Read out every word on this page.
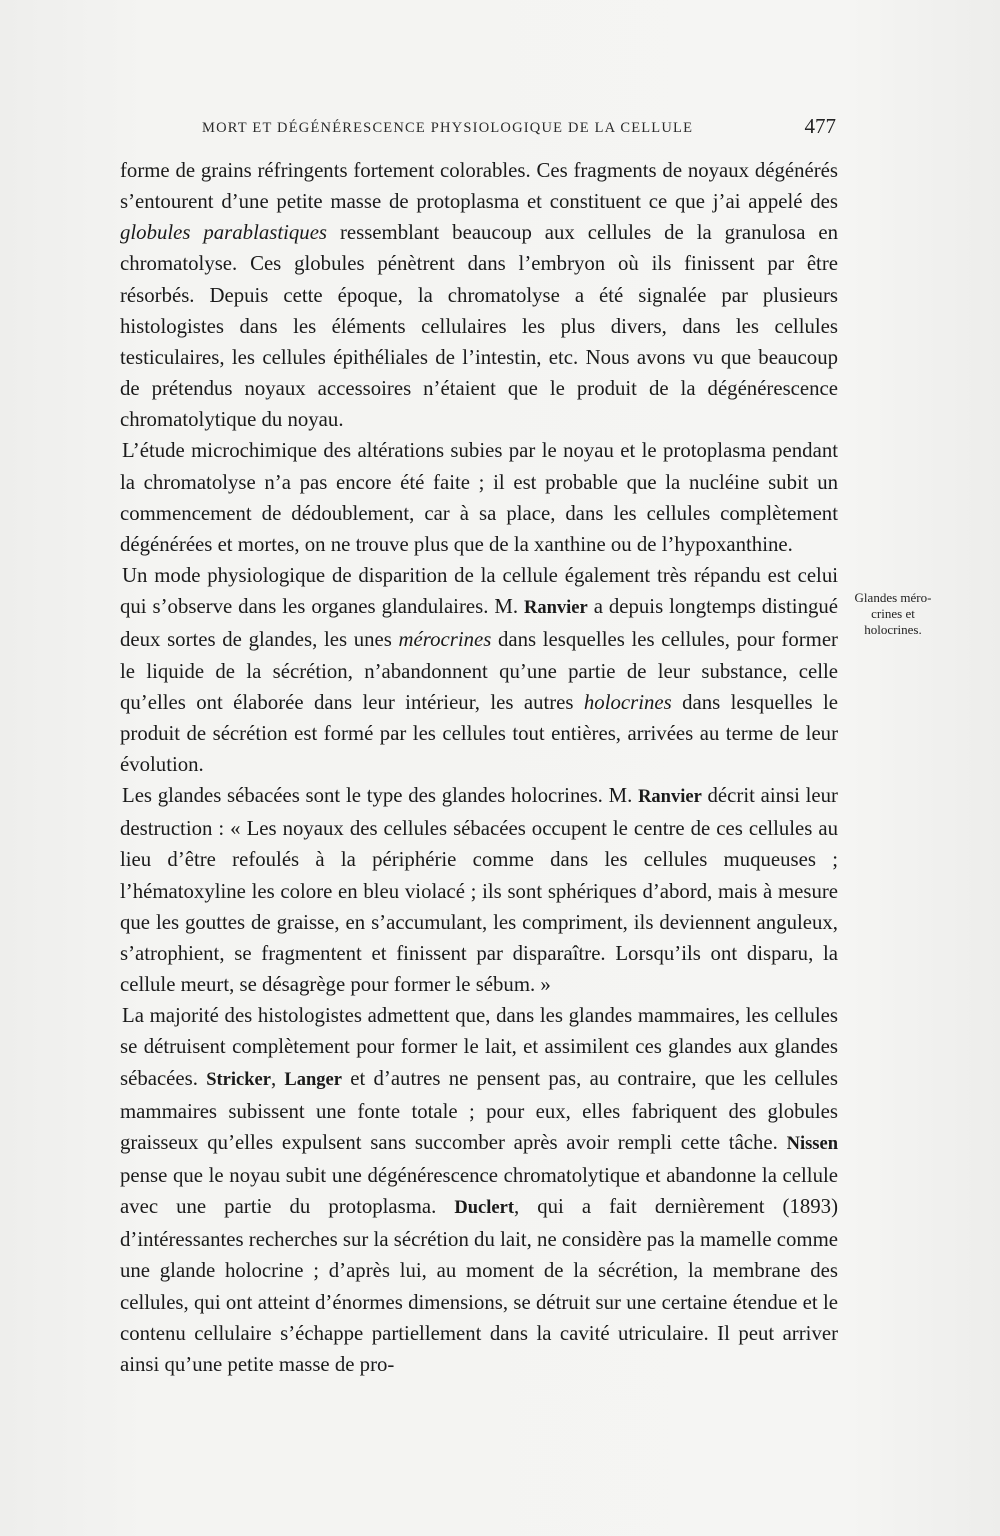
MORT ET DÉGÉNÉRESCENCE PHYSIOLOGIQUE DE LA CELLULE	477

forme de grains réfringents fortement colorables. Ces fragments de noyaux dégénérés s’entourent d’une petite masse de protoplasma et constituent ce que j’ai appelé des globules parablastiques ressemblant beaucoup aux cellules de la granulosa en chromatolyse. Ces globules pénètrent dans l’embryon où ils finissent par être résorbés. Depuis cette époque, la chromatolyse a été signalée par plusieurs histologistes dans les éléments cellulaires les plus divers, dans les cellules testiculaires, les cellules épithéliales de l’intestin, etc. Nous avons vu que beaucoup de prétendus noyaux accessoires n’étaient que le produit de la dégénérescence chromatolytique du noyau.

L’étude microchimique des altérations subies par le noyau et le protoplasma pendant la chromatolyse n’a pas encore été faite ; il est probable que la nucléine subit un commencement de dédoublement, car à sa place, dans les cellules complètement dégénérées et mortes, on ne trouve plus que de la xanthine ou de l’hypoxanthine.

Un mode physiologique de disparition de la cellule également très répandu est celui qui s’observe dans les organes glandulaires. M. Ranvier a depuis longtemps distingué deux sortes de glandes, les unes mérocrines dans lesquelles les cellules, pour former le liquide de la sécrétion, n’abandonnent qu’une partie de leur substance, celle qu’elles ont élaborée dans leur intérieur, les autres holocrines dans lesquelles le produit de sécrétion est formé par les cellules tout entières, arrivées au terme de leur évolution.

Les glandes sébacées sont le type des glandes holocrines. M. Ranvier décrit ainsi leur destruction : « Les noyaux des cellules sébacées occupent le centre de ces cellules au lieu d’être refoulés à la périphérie comme dans les cellules muqueuses ; l’hématoxyline les colore en bleu violacé ; ils sont sphériques d’abord, mais à mesure que les gouttes de graisse, en s’accumulant, les compriment, ils deviennent anguleux, s’atrophient, se fragmentent et finissent par disparaître. Lorsqu’ils ont disparu, la cellule meurt, se désagrège pour former le sébum. »

La majorité des histologistes admettent que, dans les glandes mammaires, les cellules se détruisent complètement pour former le lait, et assimilent ces glandes aux glandes sébacées. Stricker, Langer et d’autres ne pensent pas, au contraire, que les cellules mammaires subissent une fonte totale ; pour eux, elles fabriquent des globules graisseux qu’elles expulsent sans succomber après avoir rempli cette tâche. Nissen pense que le noyau subit une dégénérescence chromatolytique et abandonne la cellule avec une partie du protoplasma. Duclert, qui a fait dernièrement (1893) d’intéressantes recherches sur la sécrétion du lait, ne considère pas la mamelle comme une glande holocrine ; d’après lui, au moment de la sécrétion, la membrane des cellules, qui ont atteint d’énormes dimensions, se détruit sur une certaine étendue et le contenu cellulaire s’échappe partiellement dans la cavité utriculaire. Il peut arriver ainsi qu’une petite masse de pro-

Glandes méro-crines et holocrines.
